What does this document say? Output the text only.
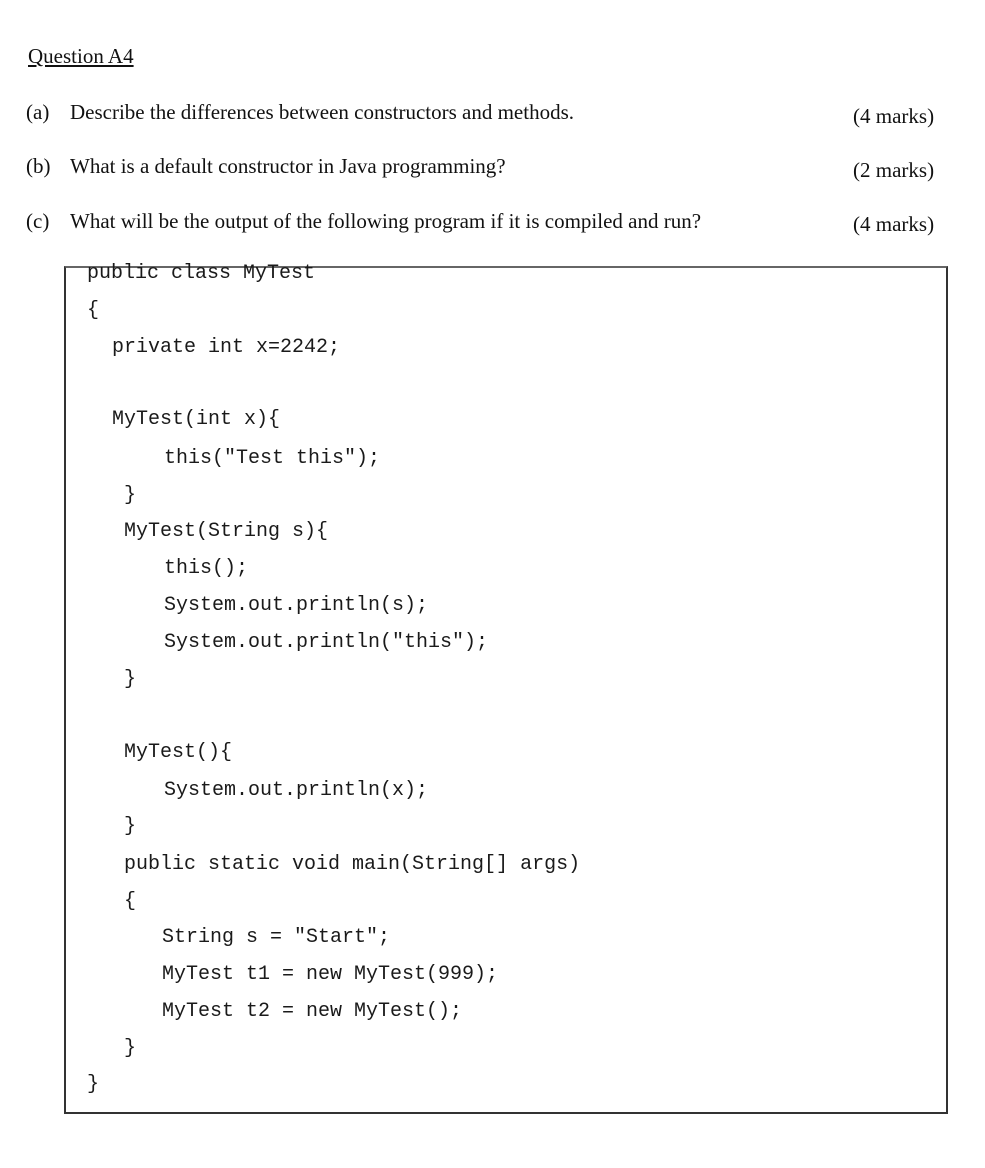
Question A4
(a) Describe the differences between constructors and methods.	(4 marks)
(b) What is a default constructor in Java programming?	(2 marks)
(c) What will be the output of the following program if it is compiled and run?	(4 marks)
public class MyTest
{
private int x=2242;
MyTest(int x){
this("Test this");
}
MyTest(String s){
this();
System.out.println(s);
System.out.println("this");
}
MyTest(){
System.out.println(x);
}
public static void main(String[] args)
{
String s = "Start";
MyTest t1 = new MyTest(999);
MyTest t2 = new MyTest();
}
}
